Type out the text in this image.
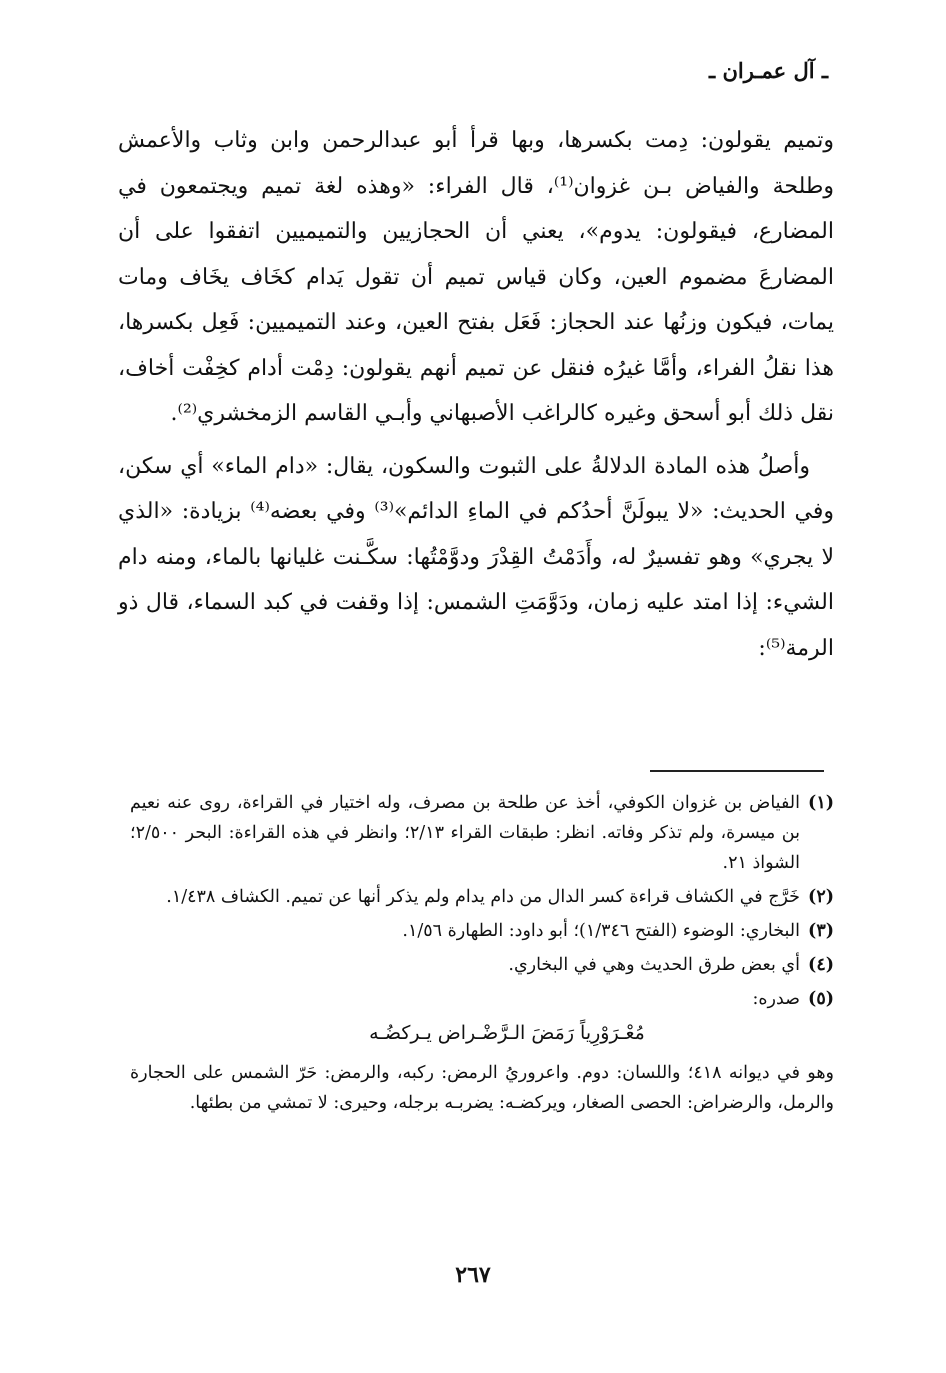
ـ آل عمـران ـ

وتميم يقولون: دِمت بكسرها، وبها قرأ أبو عبدالرحمن وابن وثاب والأعمش وطلحة والفياض بـن غزوان⁽¹⁾، قال الفراء: «وهذه لغة تميم ويجتمعون في المضارع، فيقولون: يدوم»، يعني أن الحجازيين والتميميين اتفقوا على أن المضارعَ مضموم العين، وكان قياس تميم أن تقول يَدام كخَاف يخَاف ومات يمات، فيكون وزنُها عند الحجاز: فَعَل بفتح العين، وعند التميميين: فَعِل بكسرها، هذا نقلُ الفراء، وأمَّا غيرُه فنقل عن تميم أنهم يقولون: دِمْت أدام كخِفْت أخاف، نقل ذلك أبو أسحق وغيره كالراغب الأصبهاني وأبـي القاسم الزمخشري⁽²⁾.

وأصلُ هذه المادة الدلالةُ على الثبوت والسكون، يقال: «دام الماء» أي سكن، وفي الحديث: «لا يبولَنَّ أحدُكم في الماءِ الدائم»⁽³⁾ وفي بعضه⁽⁴⁾ بزيادة: «الذي لا يجري» وهو تفسيرٌ له، وأَدَمْتُ القِدْرَ ودوَّمْتُها: سكَّـنت غليانها بالماء، ومنه دام الشيء: إذا امتد عليه زمان، ودَوَّمَتِ الشمس: إذا وقفت في كبد السماء، قال ذو الرمة⁽⁵⁾:

(١)
الفياض بن غزوان الكوفي، أخذ عن طلحة بن مصرف، وله اختيار في القراءة، روى عنه نعيم بن ميسرة، ولم تذكر وفاته. انظر: طبقات القراء ٢/١٣؛ وانظر في هذه القراءة: البحر ٢/٥٠٠؛ الشواذ ٢١.
(٢)
خَرَّج في الكشاف قراءة كسر الدال من دام يدام ولم يذكر أنها عن تميم. الكشاف ١/٤٣٨.
(٣)
البخاري: الوضوء (الفتح ١/٣٤٦)؛ أبو داود: الطهارة ١/٥٦.
(٤)
أي بعض طرق الحديث وهي في البخاري.
(٥)
صدره:
مُعْـرَوْرِياً رَمَضَ الـرَّضْـراض يـركضُـه
وهو في ديوانه ٤١٨؛ واللسان: دوم. واعروريُ الرمض: ركبه، والرمض: حَرّ الشمس على الحجارة والرمل، والرضراض: الحصى الصغار، ويركضـه: يضربـه برجله، وحيرى: لا تمشي من بطئها.
٢٦٧
